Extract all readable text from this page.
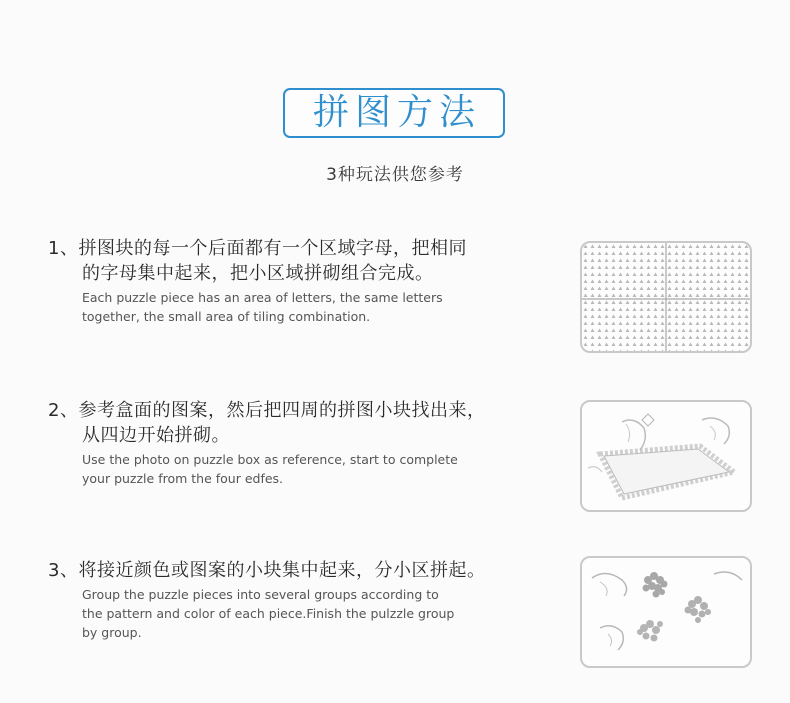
拼图方法
3种玩法供您参考

1、拼图块的每一个后面都有一个区域字母，把相同

的字母集中起来，把小区域拼砌组合完成。

Each puzzle piece has an area of letters, the same letters
together, the small area of tiling combination.

2、参考盒面的图案，然后把四周的拼图小块找出来，

从四边开始拼砌。

Use the photo on puzzle box as reference, start to complete
your puzzle from the four edfes.

3、将接近颜色或图案的小块集中起来，分小区拼起。

Group the puzzle pieces into several groups according to
the pattern and color of each piece.Finish the pulzzle group
by group.
